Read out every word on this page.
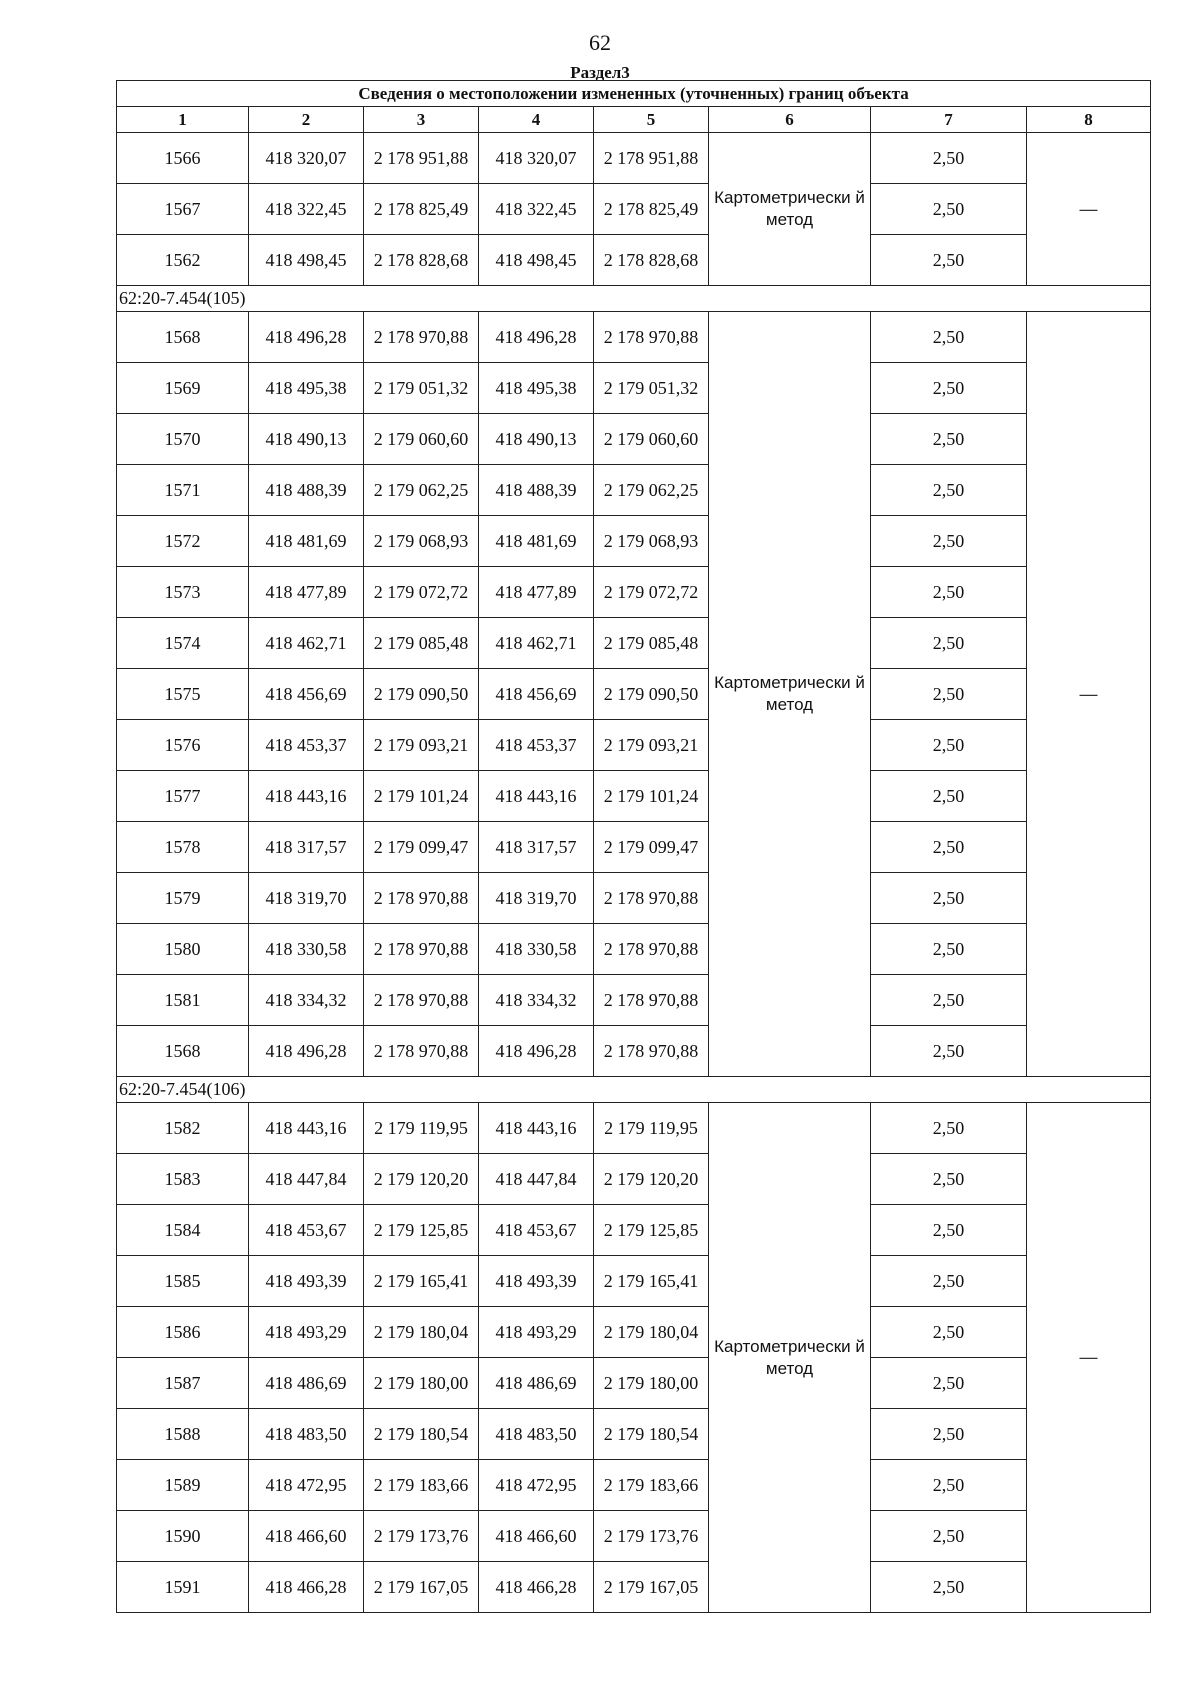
62
Раздел3
Сведения о местоположении измененных (уточненных) границ объекта							
1	2	3	4	5	6	7	8
1566	418 320,07	2 178 951,88	418 320,07	2 178 951,88	Картометрически й метод	2,50	—
1567	418 322,45	2 178 825,49	418 322,45	2 178 825,49		2,50	
1562	418 498,45	2 178 828,68	418 498,45	2 178 828,68		2,50	
62:20-7.454(105)							
1568	418 496,28	2 178 970,88	418 496,28	2 178 970,88	Картометрически й метод	2,50	—
1569	418 495,38	2 179 051,32	418 495,38	2 179 051,32		2,50	
1570	418 490,13	2 179 060,60	418 490,13	2 179 060,60		2,50	
1571	418 488,39	2 179 062,25	418 488,39	2 179 062,25		2,50	
1572	418 481,69	2 179 068,93	418 481,69	2 179 068,93		2,50	
1573	418 477,89	2 179 072,72	418 477,89	2 179 072,72		2,50	
1574	418 462,71	2 179 085,48	418 462,71	2 179 085,48		2,50	
1575	418 456,69	2 179 090,50	418 456,69	2 179 090,50		2,50	
1576	418 453,37	2 179 093,21	418 453,37	2 179 093,21		2,50	
1577	418 443,16	2 179 101,24	418 443,16	2 179 101,24		2,50	
1578	418 317,57	2 179 099,47	418 317,57	2 179 099,47		2,50	
1579	418 319,70	2 178 970,88	418 319,70	2 178 970,88		2,50	
1580	418 330,58	2 178 970,88	418 330,58	2 178 970,88		2,50	
1581	418 334,32	2 178 970,88	418 334,32	2 178 970,88		2,50	
1568	418 496,28	2 178 970,88	418 496,28	2 178 970,88		2,50	
62:20-7.454(106)							
1582	418 443,16	2 179 119,95	418 443,16	2 179 119,95	Картометрически й метод	2,50	—
1583	418 447,84	2 179 120,20	418 447,84	2 179 120,20		2,50	
1584	418 453,67	2 179 125,85	418 453,67	2 179 125,85		2,50	
1585	418 493,39	2 179 165,41	418 493,39	2 179 165,41		2,50	
1586	418 493,29	2 179 180,04	418 493,29	2 179 180,04		2,50	
1587	418 486,69	2 179 180,00	418 486,69	2 179 180,00		2,50	
1588	418 483,50	2 179 180,54	418 483,50	2 179 180,54		2,50	
1589	418 472,95	2 179 183,66	418 472,95	2 179 183,66		2,50	
1590	418 466,60	2 179 173,76	418 466,60	2 179 173,76		2,50	
1591	418 466,28	2 179 167,05	418 466,28	2 179 167,05		2,50	
